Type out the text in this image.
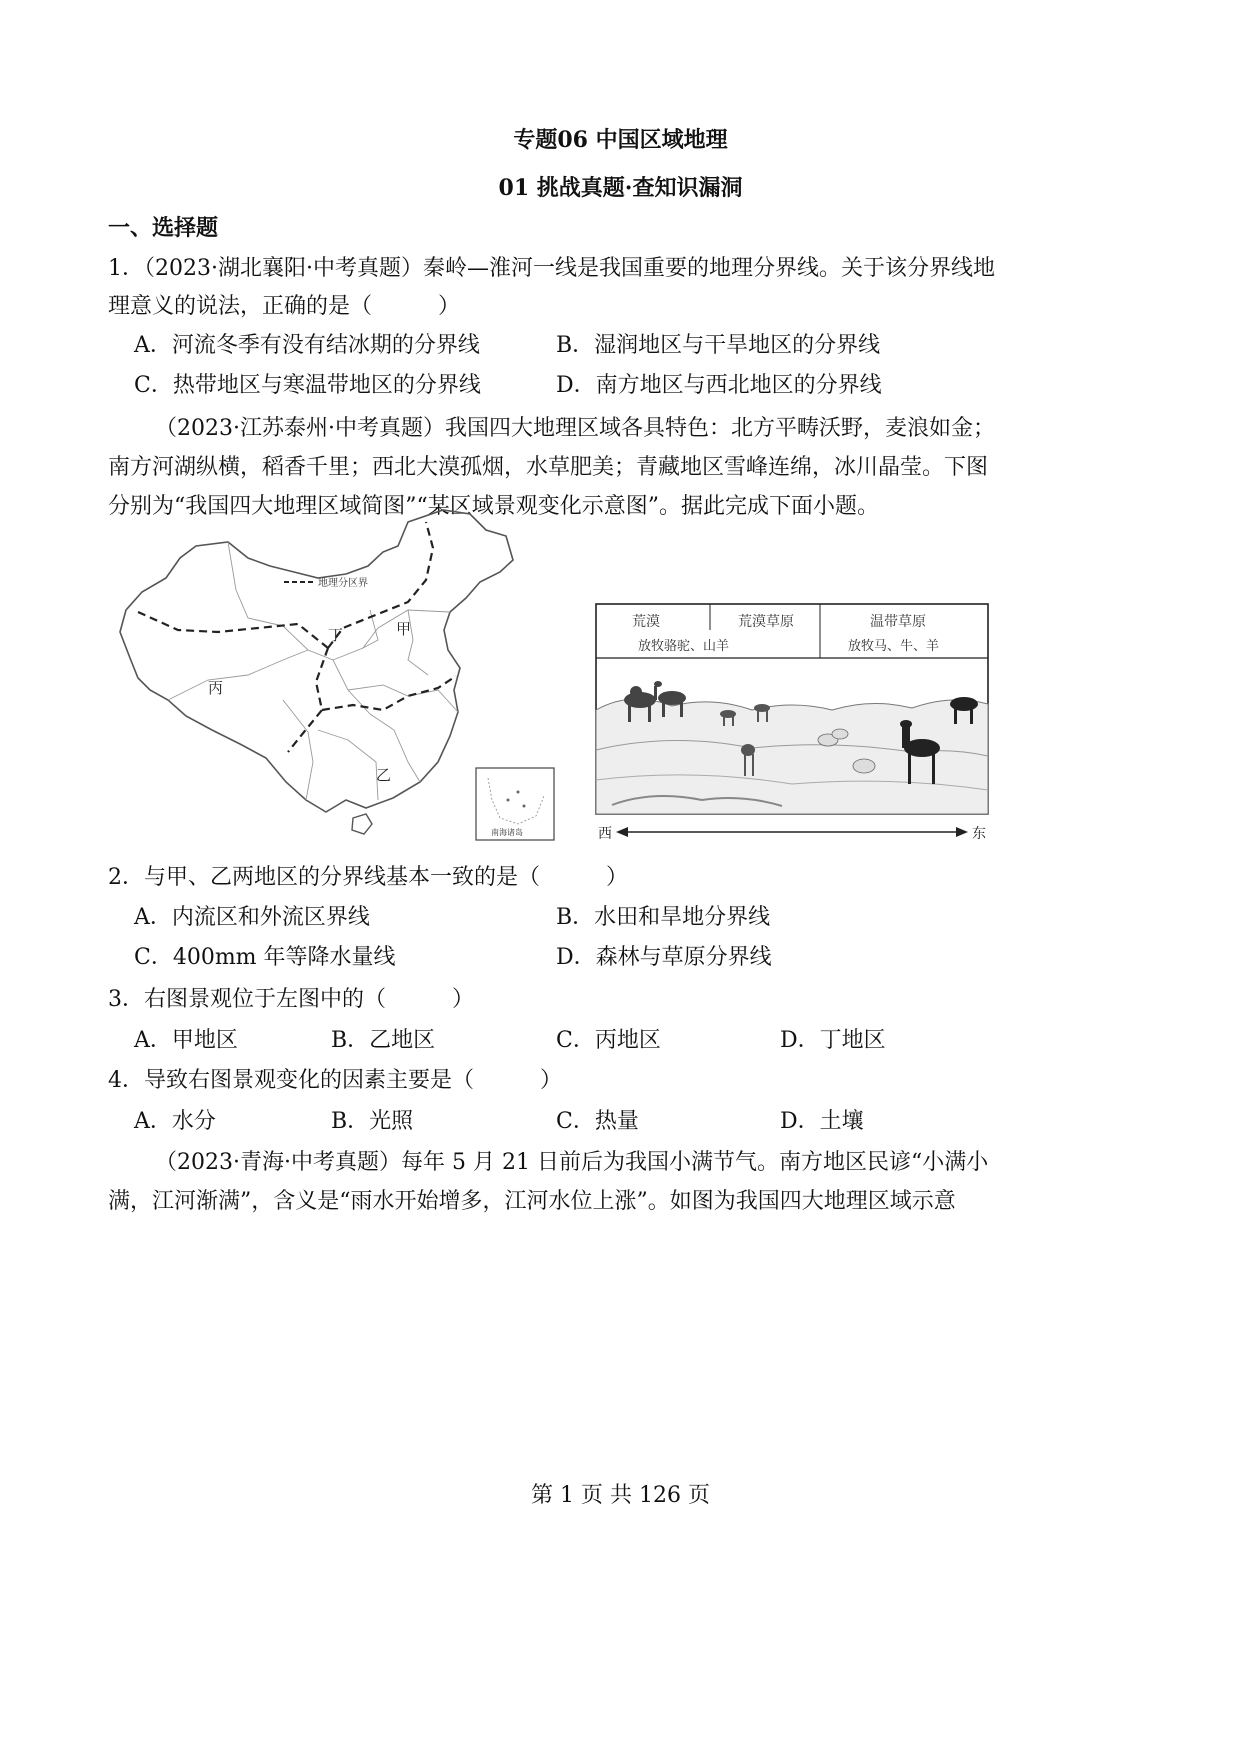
专题06 中国区域地理
01 挑战真题·查知识漏洞
一、选择题
1．（2023·湖北襄阳·中考真题）秦岭—淮河一线是我国重要的地理分界线。关于该分界线地
理意义的说法，正确的是（　　　）
A．河流冬季有没有结冰期的分界线	B．湿润地区与干旱地区的分界线
C．热带地区与寒温带地区的分界线	D．南方地区与西北地区的分界线
（2023·江苏泰州·中考真题）我国四大地理区域各具特色：北方平畴沃野，麦浪如金；
南方河湖纵横，稻香千里；西北大漠孤烟，水草肥美；青藏地区雪峰连绵，冰川晶莹。下图
分别为“我国四大地理区域简图”“某区域景观变化示意图”。据此完成下面小题。
地理分区界
甲
乙
丙
丁
南海诸岛
荒漠	荒漠草原	温带草原
放牧骆驼、山羊	放牧马、牛、羊
西	东
2．与甲、乙两地区的分界线基本一致的是（　　　）
A．内流区和外流区界线	B．水田和旱地分界线
C．400mm 年等降水量线	D．森林与草原分界线
3．右图景观位于左图中的（　　　）
A．甲地区	B．乙地区	C．丙地区	D．丁地区
4．导致右图景观变化的因素主要是（　　　）
A．水分	B．光照	C．热量	D．土壤
（2023·青海·中考真题）每年 5 月 21 日前后为我国小满节气。南方地区民谚“小满小
满，江河渐满”，含义是“雨水开始增多，江河水位上涨”。如图为我国四大地理区域示意
第 1 页 共 126 页
